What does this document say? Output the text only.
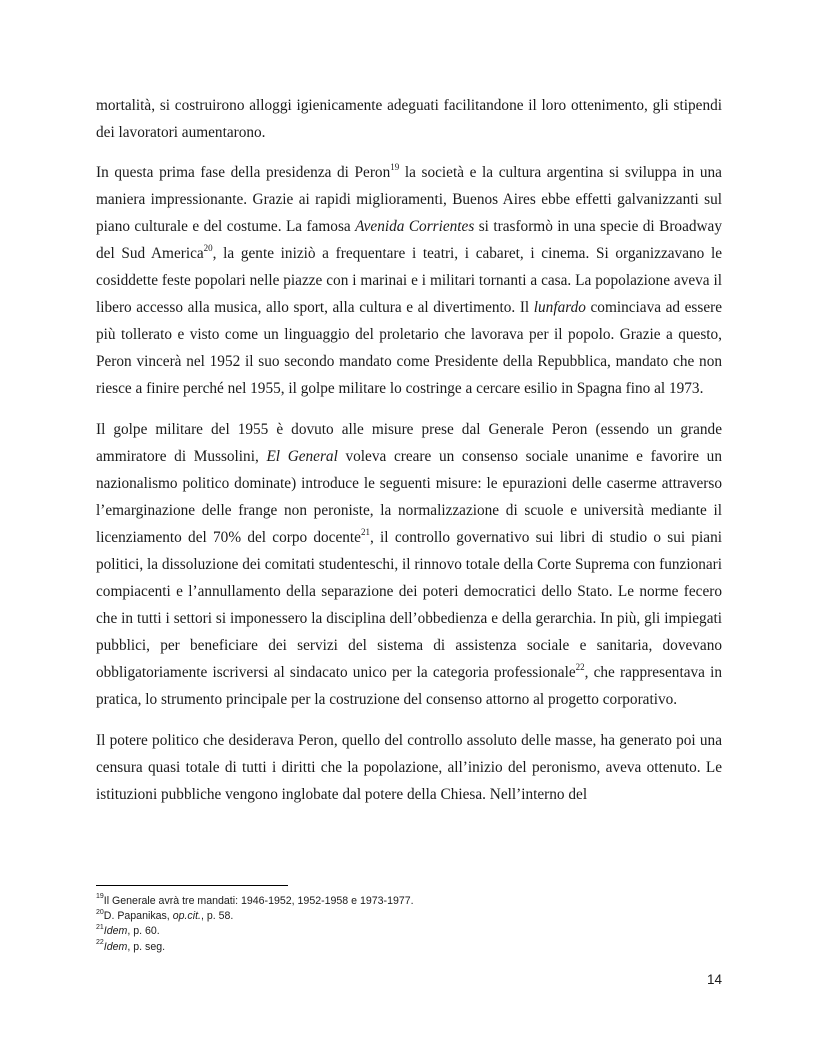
mortalità, si costruirono alloggi igienicamente adeguati facilitandone il loro ottenimento, gli stipendi dei lavoratori aumentarono.

In questa prima fase della presidenza di Peron$^{19}$ la società e la cultura argentina si sviluppa in una maniera impressionante. Grazie ai rapidi miglioramenti, Buenos Aires ebbe effetti galvanizzanti sul piano culturale e del costume. La famosa Avenida Corrientes si trasformò in una specie di Broadway del Sud America$^{20}$, la gente iniziò a frequentare i teatri, i cabaret, i cinema. Si organizzavano le cosiddette feste popolari nelle piazze con i marinai e i militari tornanti a casa. La popolazione aveva il libero accesso alla musica, allo sport, alla cultura e al divertimento. Il lunfardo cominciava ad essere più tollerato e visto come un linguaggio del proletario che lavorava per il popolo. Grazie a questo, Peron vincerà nel 1952 il suo secondo mandato come Presidente della Repubblica, mandato che non riesce a finire perché nel 1955, il golpe militare lo costringe a cercare esilio in Spagna fino al 1973.

Il golpe militare del 1955 è dovuto alle misure prese dal Generale Peron (essendo un grande ammiratore di Mussolini, El General voleva creare un consenso sociale unanime e favorire un nazionalismo politico dominate) introduce le seguenti misure: le epurazioni delle caserme attraverso l’emarginazione delle frange non peroniste, la normalizzazione di scuole e università mediante il licenziamento del 70% del corpo docente$^{21}$, il controllo governativo sui libri di studio o sui piani politici, la dissoluzione dei comitati studenteschi, il rinnovo totale della Corte Suprema con funzionari compiacenti e l’annullamento della separazione dei poteri democratici dello Stato. Le norme fecero che in tutti i settori si imponessero la disciplina dell’obbedienza e della gerarchia. In più, gli impiegati pubblici, per beneficiare dei servizi del sistema di assistenza sociale e sanitaria, dovevano obbligatoriamente iscriversi al sindacato unico per la categoria professionale$^{22}$, che rappresentava in pratica, lo strumento principale per la costruzione del consenso attorno al progetto corporativo.

Il potere politico che desiderava Peron, quello del controllo assoluto delle masse, ha generato poi una censura quasi totale di tutti i diritti che la popolazione, all’inizio del peronismo, aveva ottenuto. Le istituzioni pubbliche vengono inglobate dal potere della Chiesa. Nell’interno del

$^{19}$Il Generale avrà tre mandati: 1946-1952, 1952-1958 e 1973-1977.
$^{20}$D. Papanikas, op.cit., p. 58.
$^{21}$Idem, p. 60.
$^{22}$Idem, p. seg.
14
